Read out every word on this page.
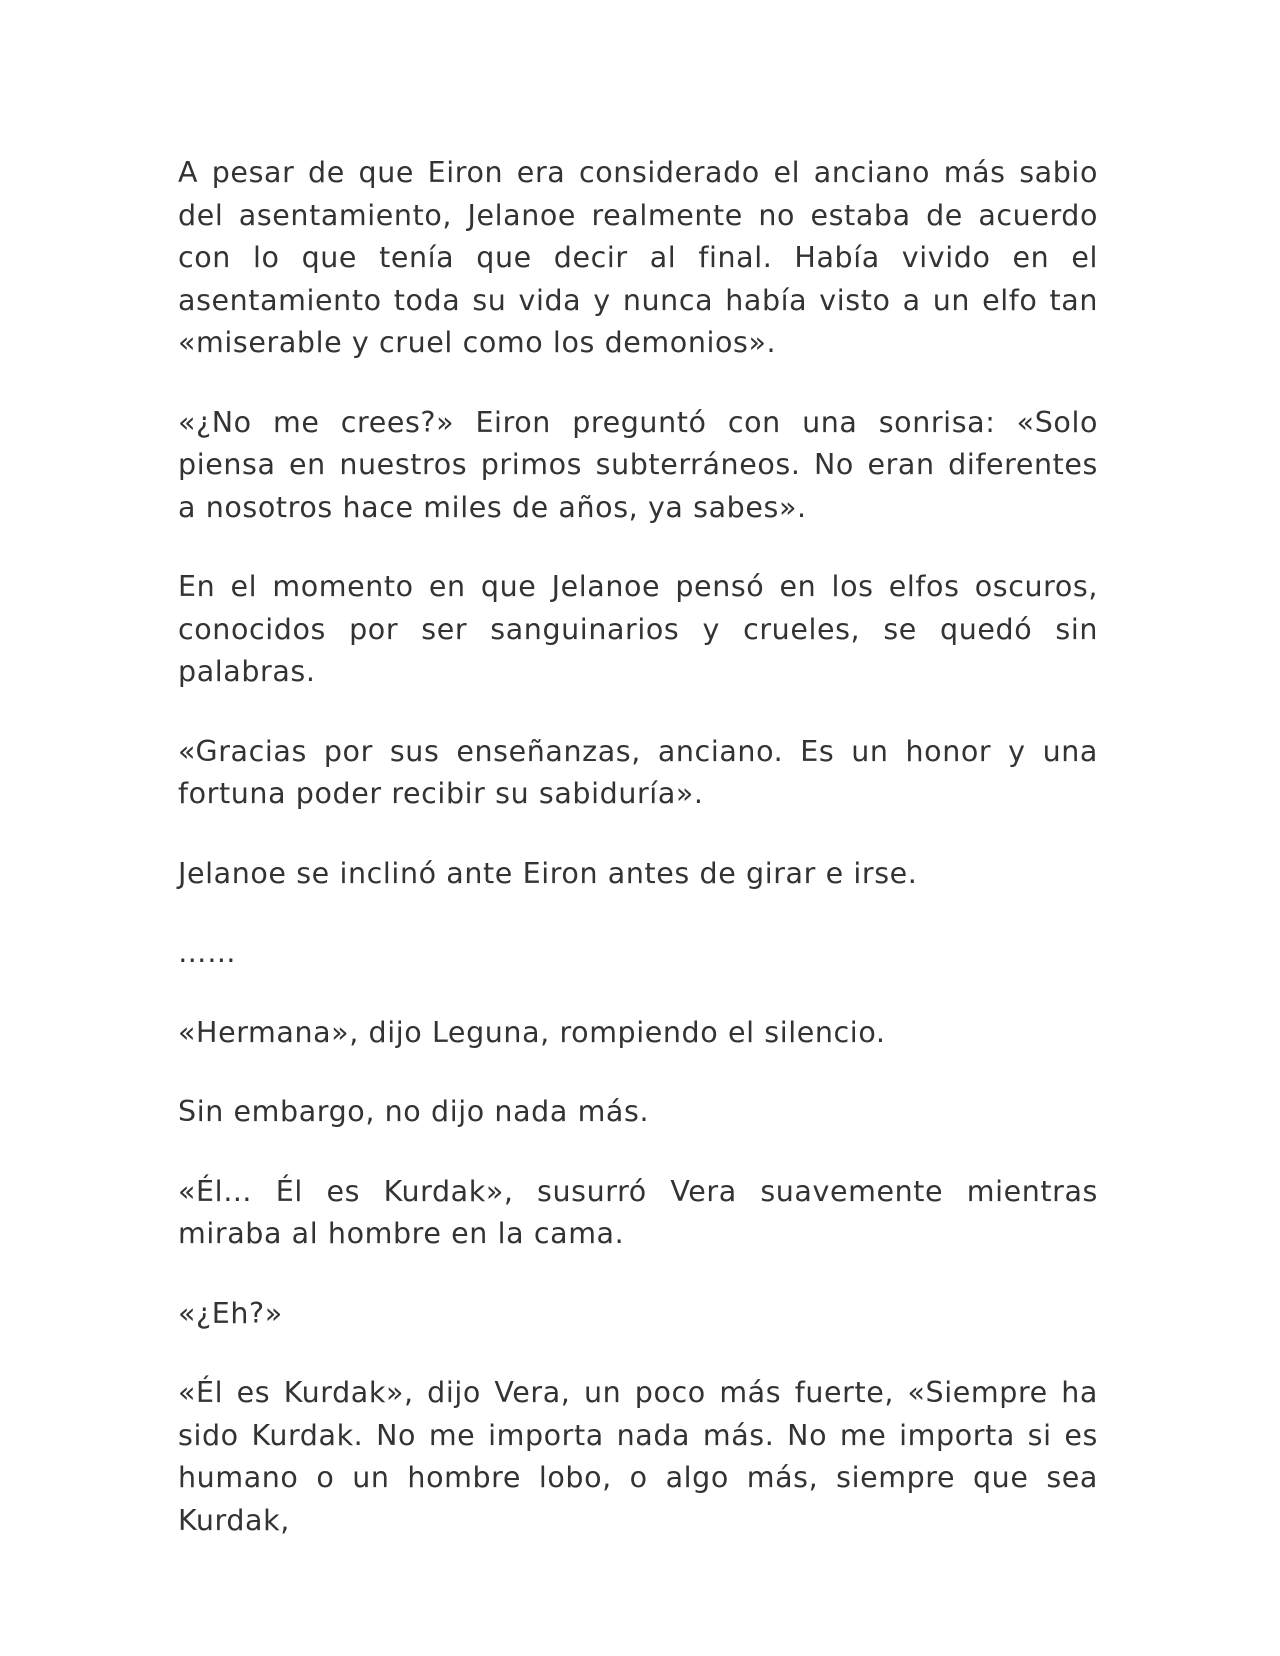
A pesar de que Eiron era considerado el anciano más sabio del asentamiento, Jelanoe realmente no estaba de acuerdo con lo que tenía que decir al final. Había vivido en el asentamiento toda su vida y nunca había visto a un elfo tan «miserable y cruel como los demonios».

«¿No me crees?» Eiron preguntó con una sonrisa: «Solo piensa en nuestros primos subterráneos. No eran diferentes a nosotros hace miles de años, ya sabes».

En el momento en que Jelanoe pensó en los elfos oscuros, conocidos por ser sanguinarios y crueles, se quedó sin palabras.

«Gracias por sus enseñanzas, anciano. Es un honor y una fortuna poder recibir su sabiduría».

Jelanoe se inclinó ante Eiron antes de girar e irse.

……

«Hermana», dijo Leguna, rompiendo el silencio.

Sin embargo, no dijo nada más.

«Él… Él es Kurdak», susurró Vera suavemente mientras miraba al hombre en la cama.

«¿Eh?»

«Él es Kurdak», dijo Vera, un poco más fuerte, «Siempre ha sido Kurdak. No me importa nada más. No me importa si es humano o un hombre lobo, o algo más, siempre que sea Kurdak,
